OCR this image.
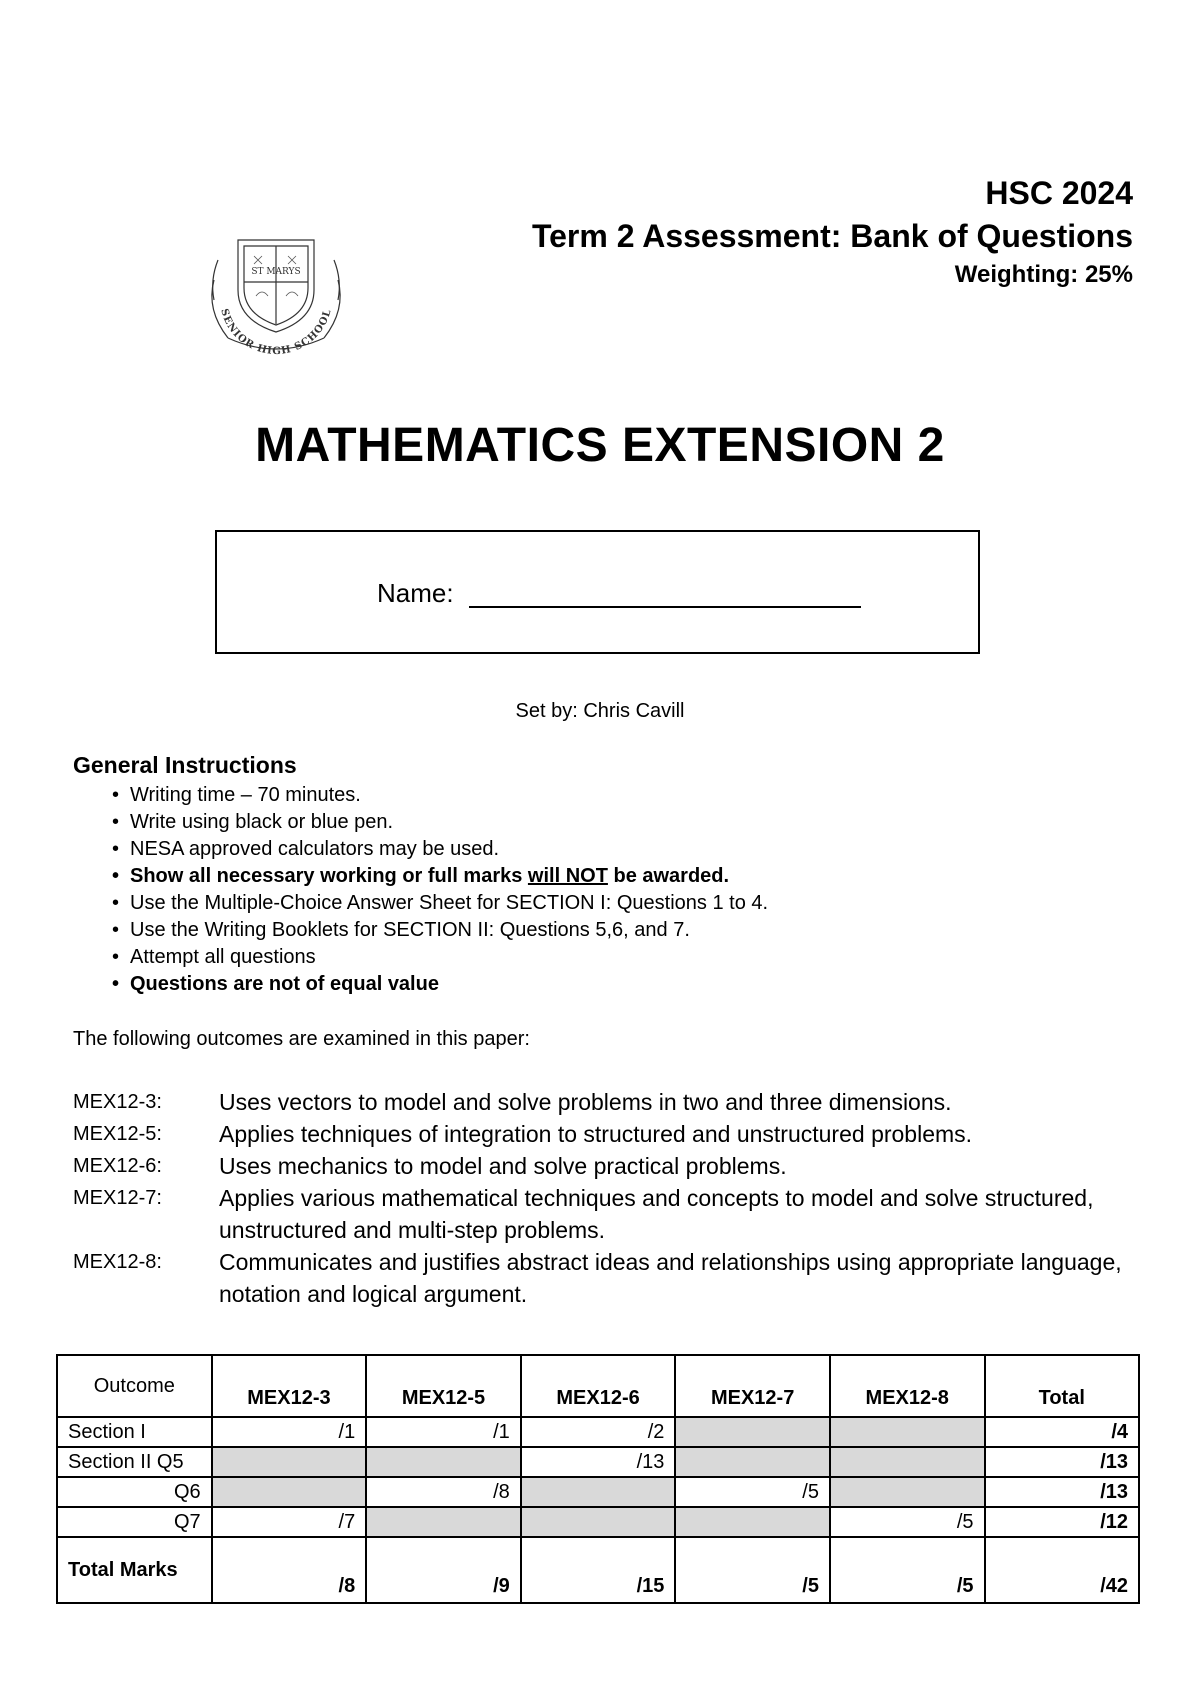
ST MARYS
SENIOR HIGH SCHOOL
HSC 2024
Term 2 Assessment: Bank of Questions
Weighting: 25%
MATHEMATICS EXTENSION 2
Name:
Set by: Chris Cavill
General Instructions
• Writing time – 70 minutes.
• Write using black or blue pen.
• NESA approved calculators may be used.
• Show all necessary working or full marks will NOT be awarded.
• Use the Multiple-Choice Answer Sheet for SECTION I: Questions 1 to 4.
• Use the Writing Booklets for SECTION II: Questions 5,6, and 7.
• Attempt all questions
• Questions are not of equal value
The following outcomes are examined in this paper:
MEX12-3:	Uses vectors to model and solve problems in two and three dimensions.
MEX12-5:	Applies techniques of integration to structured and unstructured problems.
MEX12-6:	Uses mechanics to model and solve practical problems.
MEX12-7:	Applies various mathematical techniques and concepts to model and solve structured, unstructured and multi-step problems.
MEX12-8:	Communicates and justifies abstract ideas and relationships using appropriate language, notation and logical argument.
Outcome	MEX12-3	MEX12-5	MEX12-6	MEX12-7	MEX12-8	Total
Section I	/1	/1	/2			/4
Section II Q5			/13			/13
Q6		/8		/5		/13
Q7	/7				/5	/12
Total Marks	/8	/9	/15	/5	/5	/42
